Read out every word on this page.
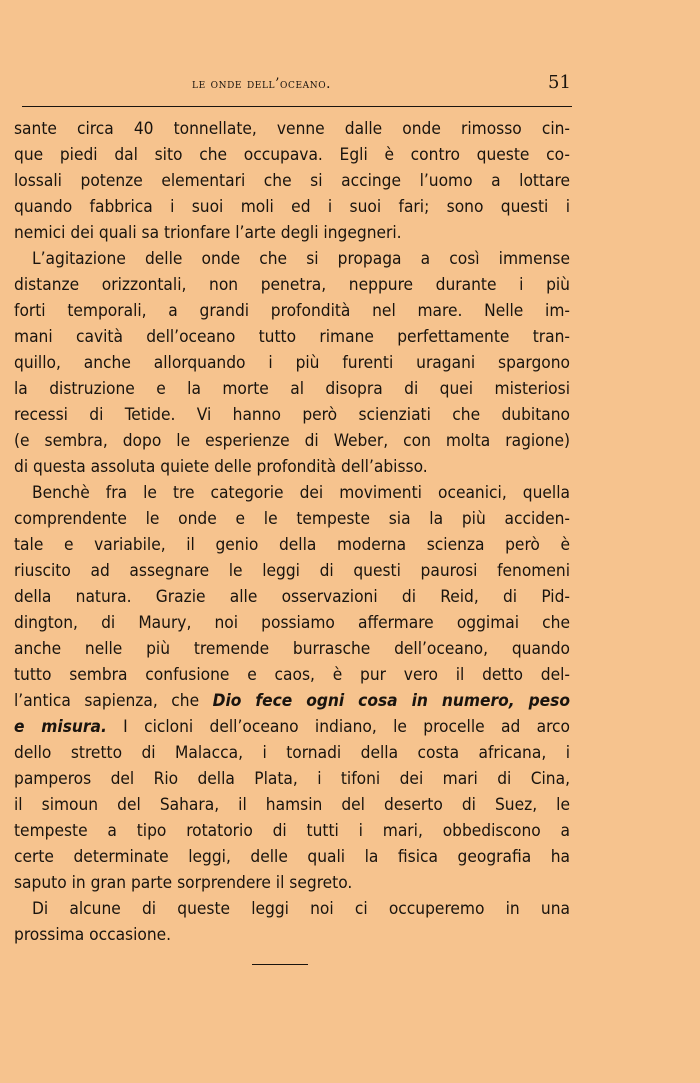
le onde dell’oceano.	51
sante circa 40 tonnellate, venne dalle onde rimosso cin-
que piedi dal sito che occupava. Egli è contro queste co-
lossali potenze elementari che si accinge l’uomo a lottare
quando fabbrica i suoi moli ed i suoi fari; sono questi i
nemici dei quali sa trionfare l’arte degli ingegneri.
L’agitazione delle onde che si propaga a così immense
distanze orizzontali, non penetra, neppure durante i più
forti temporali, a grandi profondità nel mare. Nelle im-
mani cavità dell’oceano tutto rimane perfettamente tran-
quillo, anche allorquando i più furenti uragani spargono
la distruzione e la morte al disopra di quei misteriosi
recessi di Tetide. Vi hanno però scienziati che dubitano
(e sembra, dopo le esperienze di Weber, con molta ragione)
di questa assoluta quiete delle profondità dell’abisso.
Benchè fra le tre categorie dei movimenti oceanici, quella
comprendente le onde e le tempeste sia la più acciden-
tale e variabile, il genio della moderna scienza però è
riuscito ad assegnare le leggi di questi paurosi fenomeni
della natura. Grazie alle osservazioni di Reid, di Pid-
dington, di Maury, noi possiamo affermare oggimai che
anche nelle più tremende burrasche dell’oceano, quando
tutto sembra confusione e caos, è pur vero il detto del-
l’antica sapienza, che Dio fece ogni cosa in numero, peso
e misura. I cicloni dell’oceano indiano, le procelle ad arco
dello stretto di Malacca, i tornadi della costa africana, i
pamperos del Rio della Plata, i tifoni dei mari di Cina,
il simoun del Sahara, il hamsin del deserto di Suez, le
tempeste a tipo rotatorio di tutti i mari, obbediscono a
certe determinate leggi, delle quali la fisica geografia ha
saputo in gran parte sorprendere il segreto.
Di alcune di queste leggi noi ci occuperemo in una
prossima occasione.
